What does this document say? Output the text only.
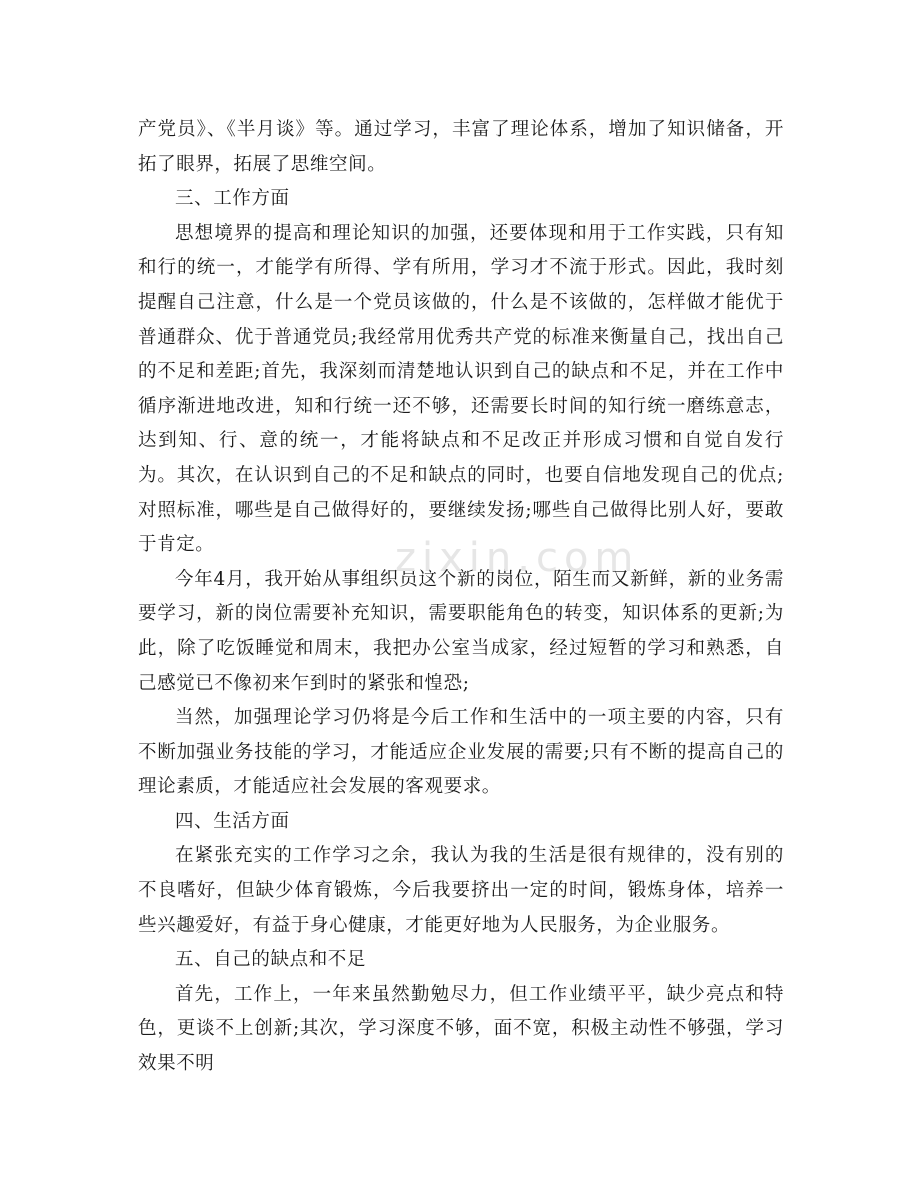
产党员》、《半月谈》等。通过学习，丰富了理论体系，增加了知识储备，开拓了眼界，拓展了思维空间。

三、工作方面

思想境界的提高和理论知识的加强，还要体现和用于工作实践，只有知和行的统一，才能学有所得、学有所用，学习才不流于形式。因此，我时刻提醒自己注意，什么是一个党员该做的，什么是不该做的，怎样做才能优于普通群众、优于普通党员;我经常用优秀共产党的标准来衡量自己，找出自己的不足和差距;首先，我深刻而清楚地认识到自己的缺点和不足，并在工作中循序渐进地改进，知和行统一还不够，还需要长时间的知行统一磨练意志，达到知、行、意的统一，才能将缺点和不足改正并形成习惯和自觉自发行为。其次，在认识到自己的不足和缺点的同时，也要自信地发现自己的优点;对照标准，哪些是自己做得好的，要继续发扬;哪些自己做得比别人好，要敢于肯定。

今年4月，我开始从事组织员这个新的岗位，陌生而又新鲜，新的业务需要学习，新的岗位需要补充知识，需要职能角色的转变，知识体系的更新;为此，除了吃饭睡觉和周末，我把办公室当成家，经过短暂的学习和熟悉，自己感觉已不像初来乍到时的紧张和惶恐;

当然，加强理论学习仍将是今后工作和生活中的一项主要的内容，只有不断加强业务技能的学习，才能适应企业发展的需要;只有不断的提高自己的理论素质，才能适应社会发展的客观要求。

四、生活方面

在紧张充实的工作学习之余，我认为我的生活是很有规律的，没有别的不良嗜好，但缺少体育锻炼，今后我要挤出一定的时间，锻炼身体，培养一些兴趣爱好，有益于身心健康，才能更好地为人民服务，为企业服务。

五、自己的缺点和不足

首先，工作上，一年来虽然勤勉尽力，但工作业绩平平，缺少亮点和特色，更谈不上创新;其次，学习深度不够，面不宽，积极主动性不够强，学习效果不明

zixin.com
